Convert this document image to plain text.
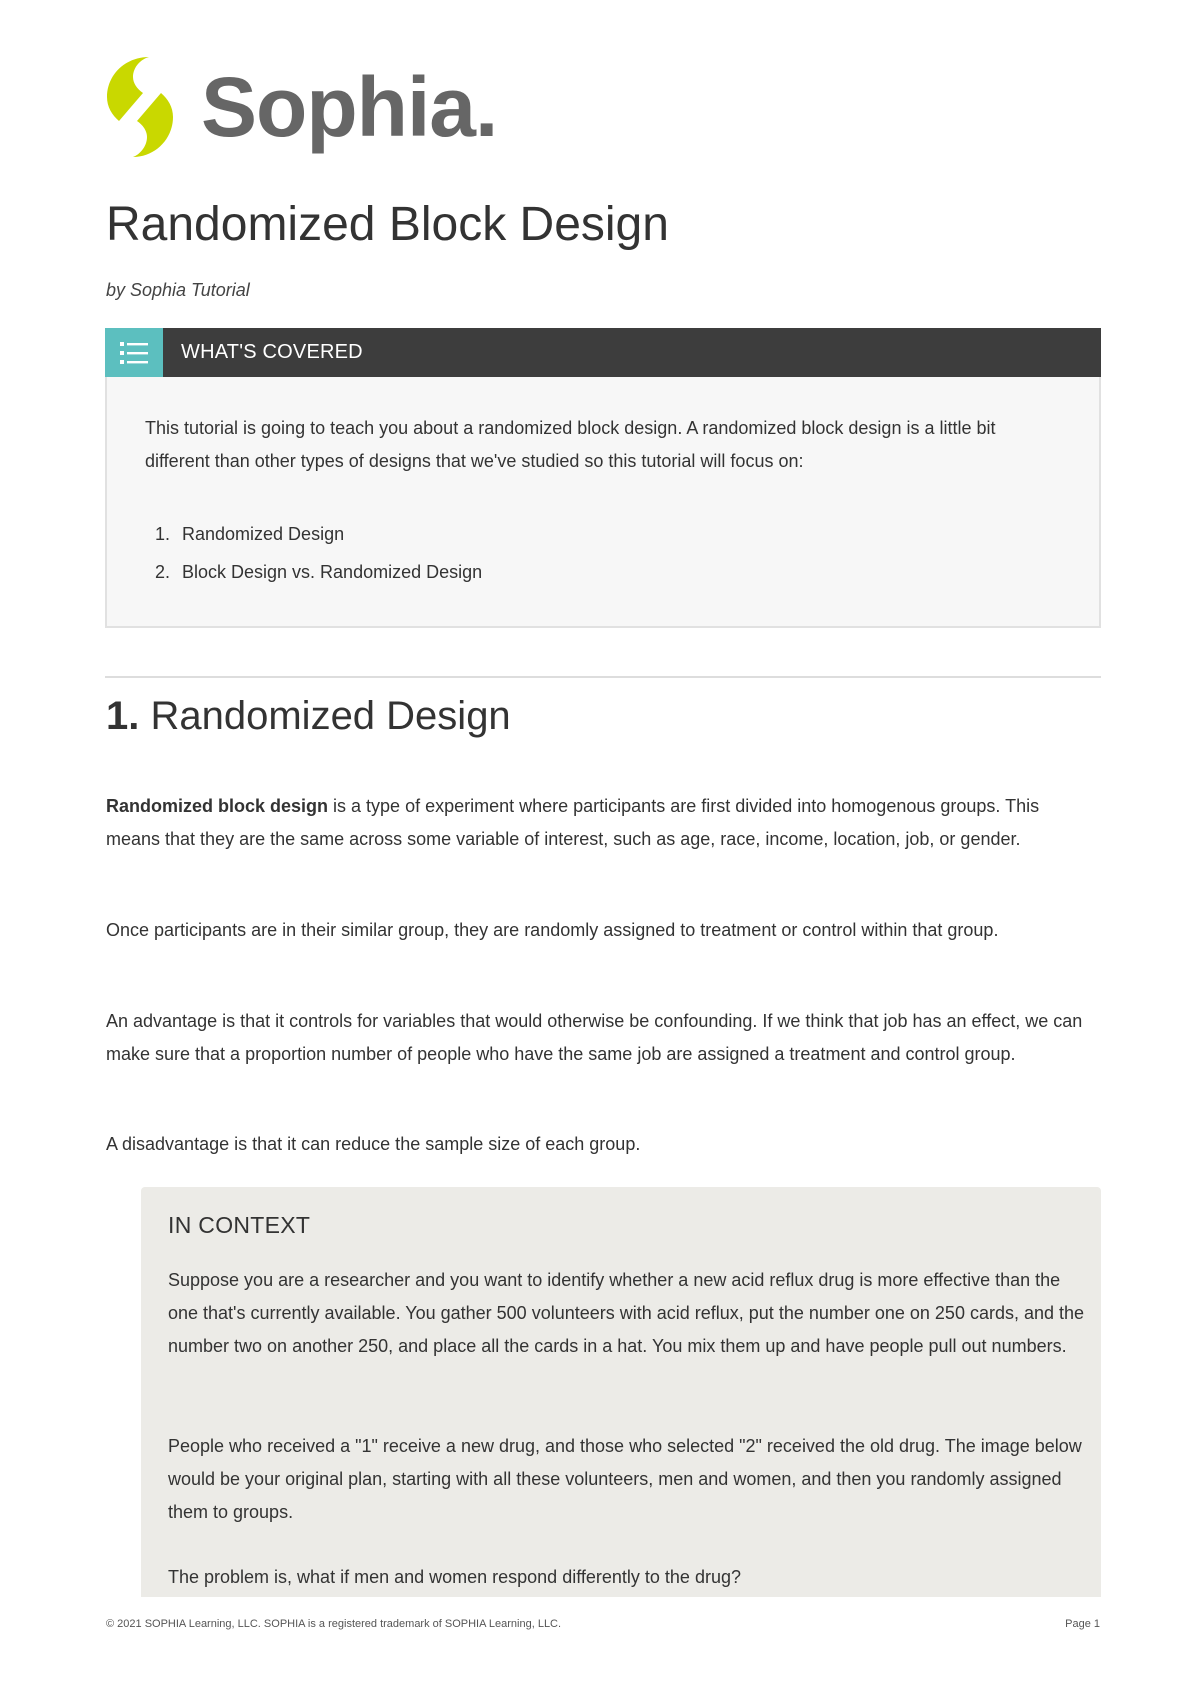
Sophia.
Randomized Block Design
by Sophia Tutorial
WHAT'S COVERED

This tutorial is going to teach you about a randomized block design. A randomized block design is a little bit different than other types of designs that we've studied so this tutorial will focus on:

1. Randomized Design
2. Block Design vs. Randomized Design
1. Randomized Design

Randomized block design is a type of experiment where participants are first divided into homogenous groups. This means that they are the same across some variable of interest, such as age, race, income, location, job, or gender.

Once participants are in their similar group, they are randomly assigned to treatment or control within that group.

An advantage is that it controls for variables that would otherwise be confounding. If we think that job has an effect, we can make sure that a proportion number of people who have the same job are assigned a treatment and control group.

A disadvantage is that it can reduce the sample size of each group.

IN CONTEXT

Suppose you are a researcher and you want to identify whether a new acid reflux drug is more effective than the one that's currently available. You gather 500 volunteers with acid reflux, put the number one on 250 cards, and the number two on another 250, and place all the cards in a hat. You mix them up and have people pull out numbers.

People who received a "1" receive a new drug, and those who selected "2" received the old drug. The image below would be your original plan, starting with all these volunteers, men and women, and then you randomly assigned them to groups.

The problem is, what if men and women respond differently to the drug?

© 2021 SOPHIA Learning, LLC. SOPHIA is a registered trademark of SOPHIA Learning, LLC.	Page 1
